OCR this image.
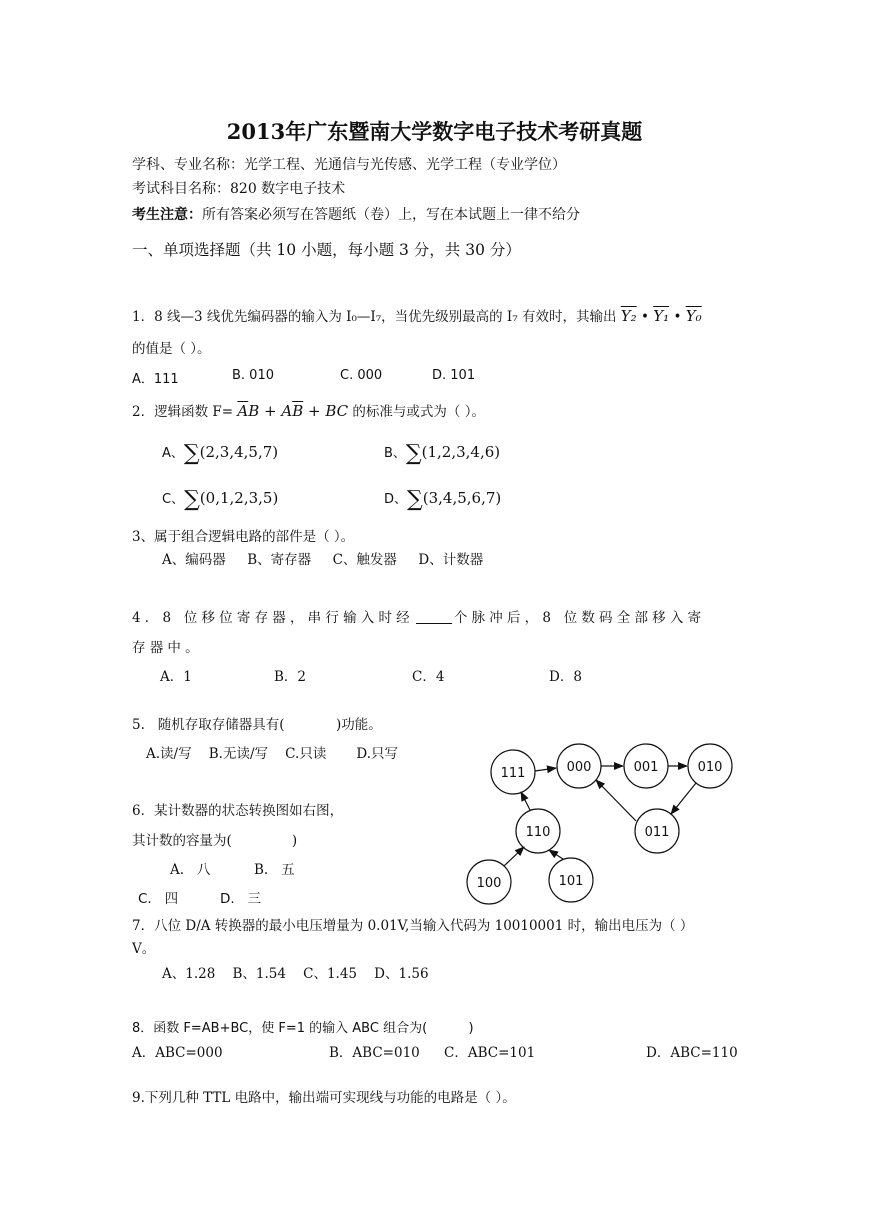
2013年广东暨南大学数字电子技术考研真题
学科、专业名称：光学工程、光通信与光传感、光学工程（专业学位）
考试科目名称：820 数字电子技术
考生注意：所有答案必须写在答题纸（卷）上，写在本试题上一律不给分
一、单项选择题（共 10 小题，每小题 3 分，共 30 分）
1．8 线—3 线优先编码器的输入为 I₀—I₇，当优先级别最高的 I₇ 有效时，其输出 Y₂ • Y₁ • Y₀
的值是（ ）。
A．111	B. 010	C. 000	D. 101
2．逻辑函数 $F= \overline{A}B + A\overline{B}$ + BC 的标准与或式为（ ）。
A、∑(2,3,4,5,7)	B、∑(1,2,3,4,6)
C、∑(0,1,2,3,5)	D、∑(3,4,5,6,7)
3、属于组合逻辑电路的部件是（ ）。
A、编码器     B、寄存器     C、触发器     D、计数器
4．8 位移位寄存器，串行输入时经	个脉冲后，8 位数码全部移入寄
存器中。
A．1	B．2	C．4	D．8
5.   随机存取存储器具有(            )功能。
A.读/写    B.无读/写    C.只读       D.只写
6．某计数器的状态转换图如右图，
其计数的容量为(              )
A.   八	B.   五
C.   四	D.   三
111	000	001	010
011
110
100	101
7．八位 D/A 转换器的最小电压增量为 0.01V,当输入代码为 10010001 时，输出电压为（ ）
V。
A、1.28    B、1.54    C、1.45    D、1.56
8．函数 F=AB+BC，使 F=1 的输入 ABC 组合为(          )
A．ABC=000	B．ABC=010 C．ABC=101	D．ABC=110
9.下列几种 TTL 电路中，输出端可实现线与功能的电路是（ ）。
